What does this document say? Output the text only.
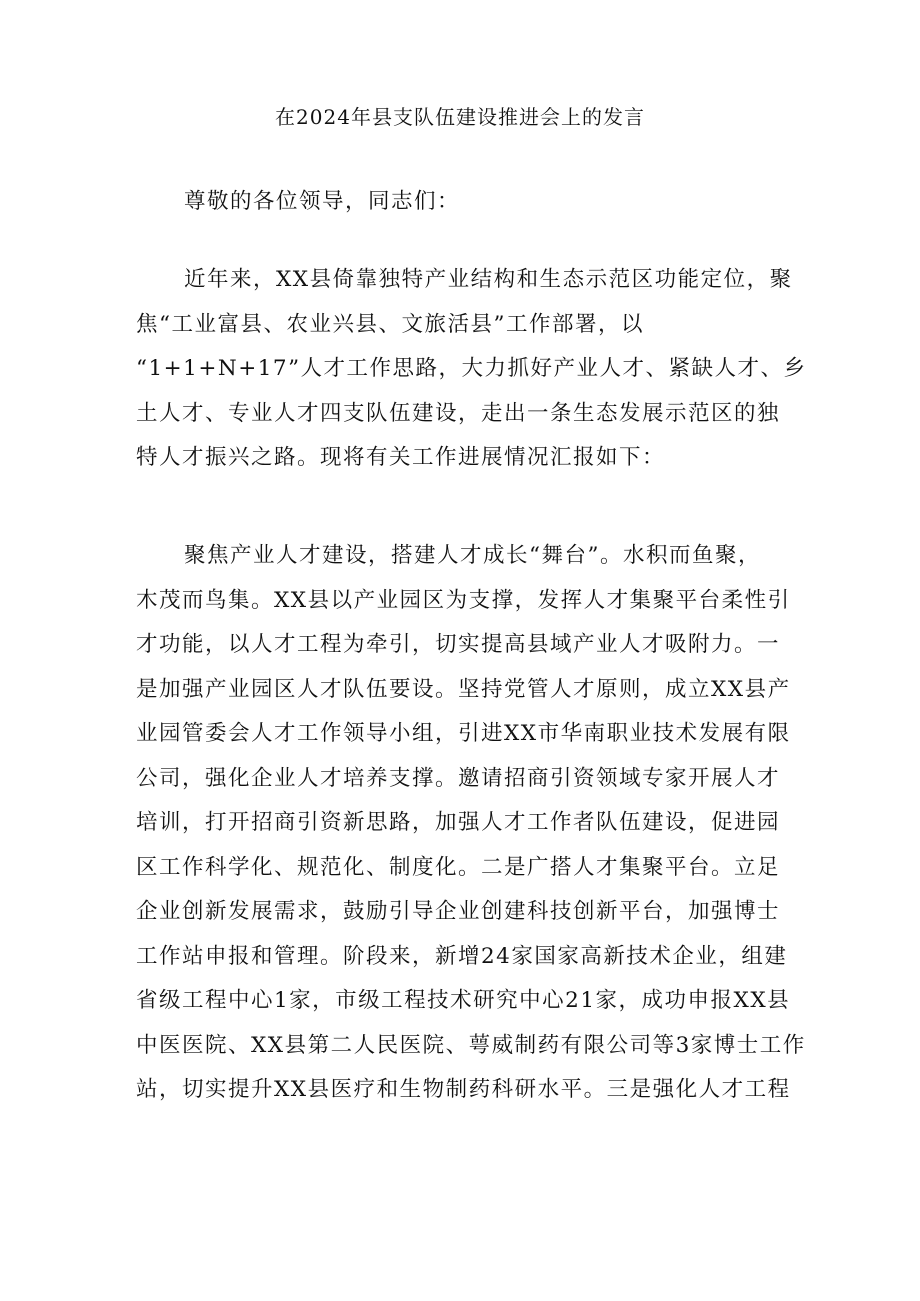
在2024年县支队伍建设推进会上的发言
尊敬的各位领导，同志们：
近年来，XX县倚靠独特产业结构和生态示范区功能定位，聚
焦“工业富县、农业兴县、文旅活县”工作部署，以
“1+1+N+17”人才工作思路，大力抓好产业人才、紧缺人才、乡
土人才、专业人才四支队伍建设，走出一条生态发展示范区的独
特人才振兴之路。现将有关工作进展情况汇报如下：
聚焦产业人才建设，搭建人才成长“舞台”。水积而鱼聚，
木茂而鸟集。XX县以产业园区为支撑，发挥人才集聚平台柔性引
才功能，以人才工程为牵引，切实提高县域产业人才吸附力。一
是加强产业园区人才队伍要设。坚持党管人才原则，成立XX县产
业园管委会人才工作领导小组，引进XX市华南职业技术发展有限
公司，强化企业人才培养支撑。邀请招商引资领域专家开展人才
培训，打开招商引资新思路，加强人才工作者队伍建设，促进园
区工作科学化、规范化、制度化。二是广搭人才集聚平台。立足
企业创新发展需求，鼓励引导企业创建科技创新平台，加强博士
工作站申报和管理。阶段来，新增24家国家高新技术企业，组建
省级工程中心1家，市级工程技术研究中心21家，成功申报XX县
中医医院、XX县第二人民医院、萼威制药有限公司等3家博士工作
站，切实提升XX县医疗和生物制药科研水平。三是强化人才工程
